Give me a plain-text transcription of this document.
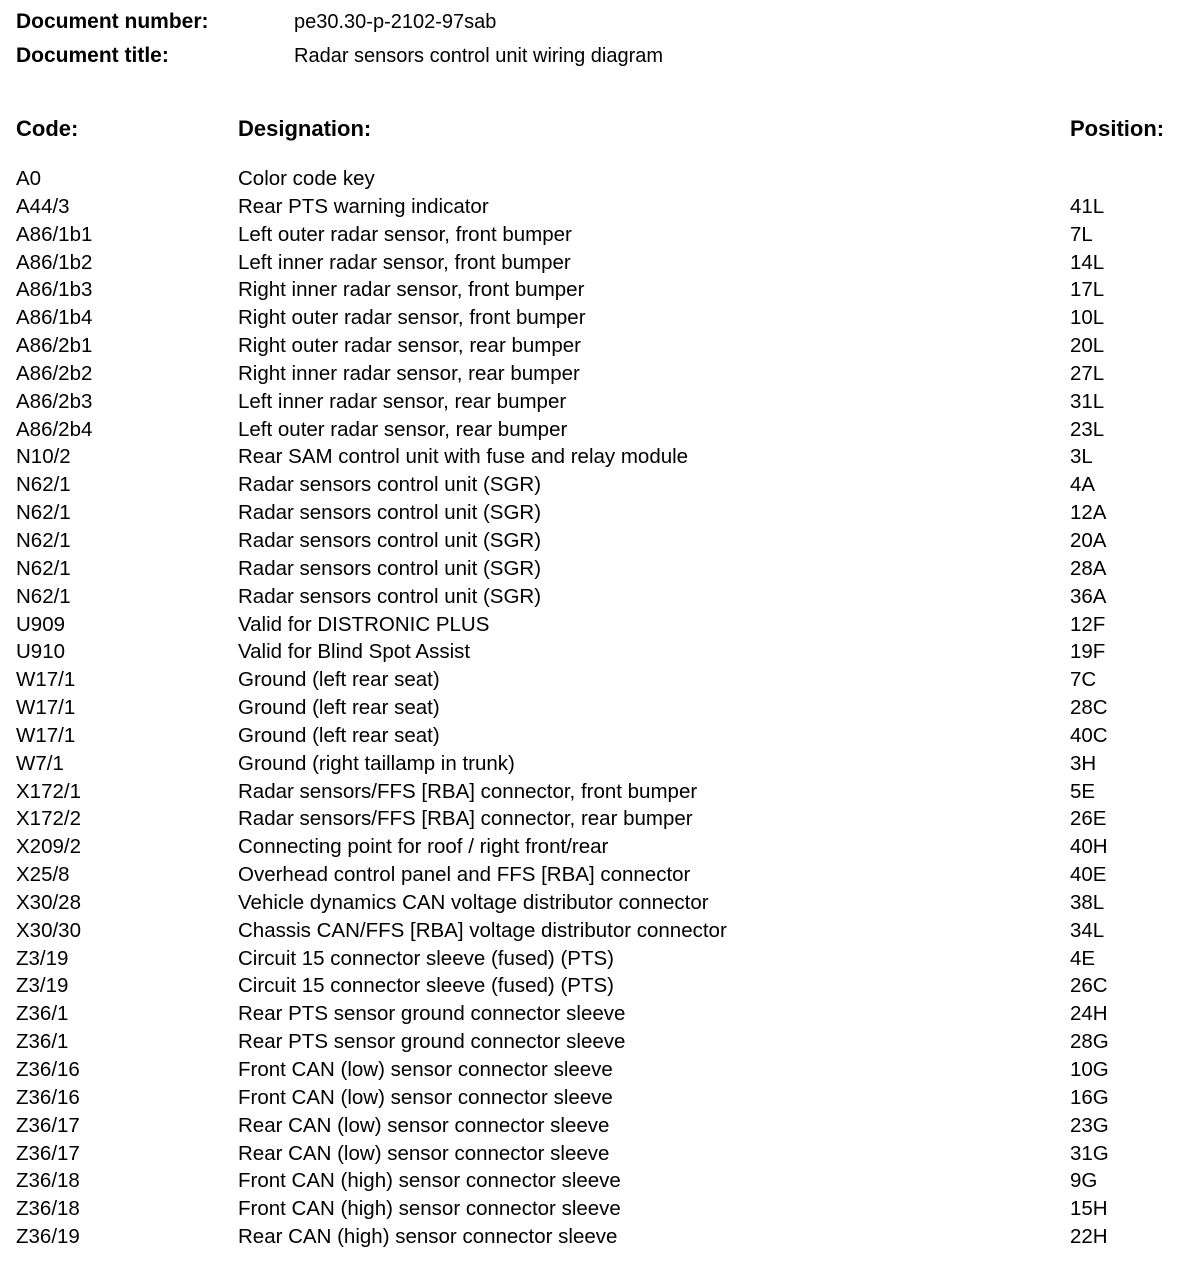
Document number:	pe30.30-p-2102-97sab
Document title:	Radar sensors control unit wiring diagram
Code:	Designation:	Position:
A0	Color code key
A44/3	Rear PTS warning indicator	41L
A86/1b1	Left outer radar sensor, front bumper	7L
A86/1b2	Left inner radar sensor, front bumper	14L
A86/1b3	Right inner radar sensor, front bumper	17L
A86/1b4	Right outer radar sensor, front bumper	10L
A86/2b1	Right outer radar sensor, rear bumper	20L
A86/2b2	Right inner radar sensor, rear bumper	27L
A86/2b3	Left inner radar sensor, rear bumper	31L
A86/2b4	Left outer radar sensor, rear bumper	23L
N10/2	Rear SAM control unit with fuse and relay module	3L
N62/1	Radar sensors control unit (SGR)	4A
N62/1	Radar sensors control unit (SGR)	12A
N62/1	Radar sensors control unit (SGR)	20A
N62/1	Radar sensors control unit (SGR)	28A
N62/1	Radar sensors control unit (SGR)	36A
U909	Valid for DISTRONIC PLUS	12F
U910	Valid for Blind Spot Assist	19F
W17/1	Ground (left rear seat)	7C
W17/1	Ground (left rear seat)	28C
W17/1	Ground (left rear seat)	40C
W7/1	Ground (right taillamp in trunk)	3H
X172/1	Radar sensors/FFS [RBA] connector, front bumper	5E
X172/2	Radar sensors/FFS [RBA] connector, rear bumper	26E
X209/2	Connecting point for roof / right front/rear	40H
X25/8	Overhead control panel and FFS [RBA] connector	40E
X30/28	Vehicle dynamics CAN voltage distributor connector	38L
X30/30	Chassis CAN/FFS [RBA] voltage distributor connector	34L
Z3/19	Circuit 15 connector sleeve (fused) (PTS)	4E
Z3/19	Circuit 15 connector sleeve (fused) (PTS)	26C
Z36/1	Rear PTS sensor ground connector sleeve	24H
Z36/1	Rear PTS sensor ground connector sleeve	28G
Z36/16	Front CAN (low) sensor connector sleeve	10G
Z36/16	Front CAN (low) sensor connector sleeve	16G
Z36/17	Rear CAN (low) sensor connector sleeve	23G
Z36/17	Rear CAN (low) sensor connector sleeve	31G
Z36/18	Front CAN (high) sensor connector sleeve	9G
Z36/18	Front CAN (high) sensor connector sleeve	15H
Z36/19	Rear CAN (high) sensor connector sleeve	22H
